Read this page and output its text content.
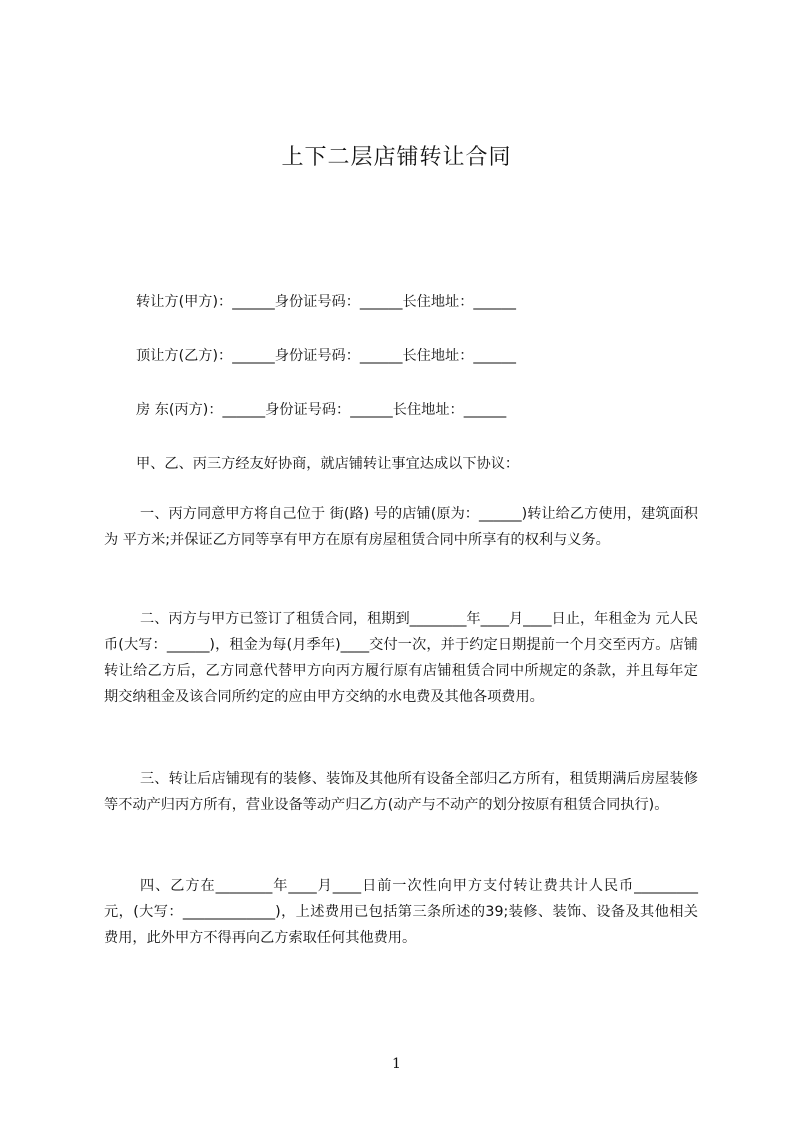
上下二层店铺转让合同
转让方(甲方)：______身份证号码：______长住地址：______
顶让方(乙方)：______身份证号码：______长住地址：______
房 东(丙方)：______身份证号码：______长住地址：______
甲、乙、丙三方经友好协商，就店铺转让事宜达成以下协议：
一、丙方同意甲方将自己位于 街(路) 号的店铺(原为：______)转让给乙方使用，建筑面积为 平方米;并保证乙方同等享有甲方在原有房屋租赁合同中所享有的权利与义务。
二、丙方与甲方已签订了租赁合同，租期到________年____月____日止，年租金为 元人民币(大写：______)，租金为每(月季年)____交付一次，并于约定日期提前一个月交至丙方。店铺转让给乙方后，乙方同意代替甲方向丙方履行原有店铺租赁合同中所规定的条款，并且每年定期交纳租金及该合同所约定的应由甲方交纳的水电费及其他各项费用。
三、转让后店铺现有的装修、装饰及其他所有设备全部归乙方所有，租赁期满后房屋装修等不动产归丙方所有，营业设备等动产归乙方(动产与不动产的划分按原有租赁合同执行)。
四、乙方在________年____月____日前一次性向甲方支付转让费共计人民币_________元，(大写：_____________)，上述费用已包括第三条所述的39;装修、装饰、设备及其他相关费用，此外甲方不得再向乙方索取任何其他费用。
1
